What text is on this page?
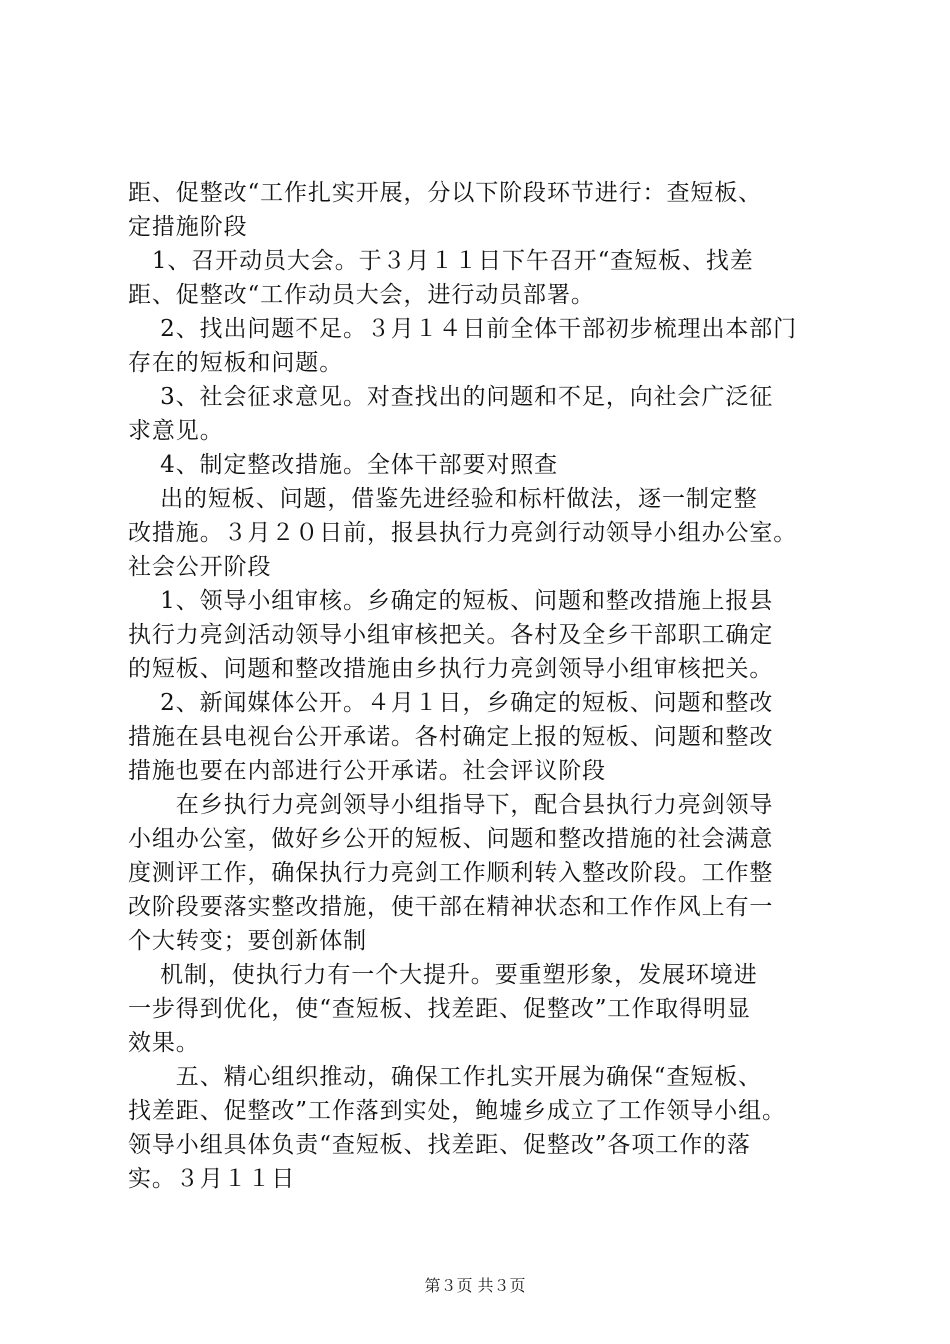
距、促整改“工作扎实开展，分以下阶段环节进行：查短板、
定措施阶段
　1、召开动员大会。于３月１１日下午召开“查短板、找差
距、促整改“工作动员大会，进行动员部署。
　 2、找出问题不足。３月１４日前全体干部初步梳理出本部门
存在的短板和问题。
　 3、社会征求意见。对查找出的问题和不足，向社会广泛征
求意见。
　 4、制定整改措施。全体干部要对照查
　 出的短板、问题，借鉴先进经验和标杆做法，逐一制定整
改措施。３月２０日前，报县执行力亮剑行动领导小组办公室。
社会公开阶段
　 1、领导小组审核。乡确定的短板、问题和整改措施上报县
执行力亮剑活动领导小组审核把关。各村及全乡干部职工确定
的短板、问题和整改措施由乡执行力亮剑领导小组审核把关。
　 2、新闻媒体公开。４月１日，乡确定的短板、问题和整改
措施在县电视台公开承诺。各村确定上报的短板、问题和整改
措施也要在内部进行公开承诺。社会评议阶段
　　在乡执行力亮剑领导小组指导下，配合县执行力亮剑领导
小组办公室，做好乡公开的短板、问题和整改措施的社会满意
度测评工作，确保执行力亮剑工作顺利转入整改阶段。工作整
改阶段要落实整改措施，使干部在精神状态和工作作风上有一
个大转变；要创新体制
　 机制，使执行力有一个大提升。要重塑形象，发展环境进
一步得到优化，使“查短板、找差距、促整改”工作取得明显
效果。
　　五、精心组织推动，确保工作扎实开展为确保“查短板、
找差距、促整改”工作落到实处，鲍墟乡成立了工作领导小组。
领导小组具体负责“查短板、找差距、促整改”各项工作的落
实。３月１１日
第３页 共３页
